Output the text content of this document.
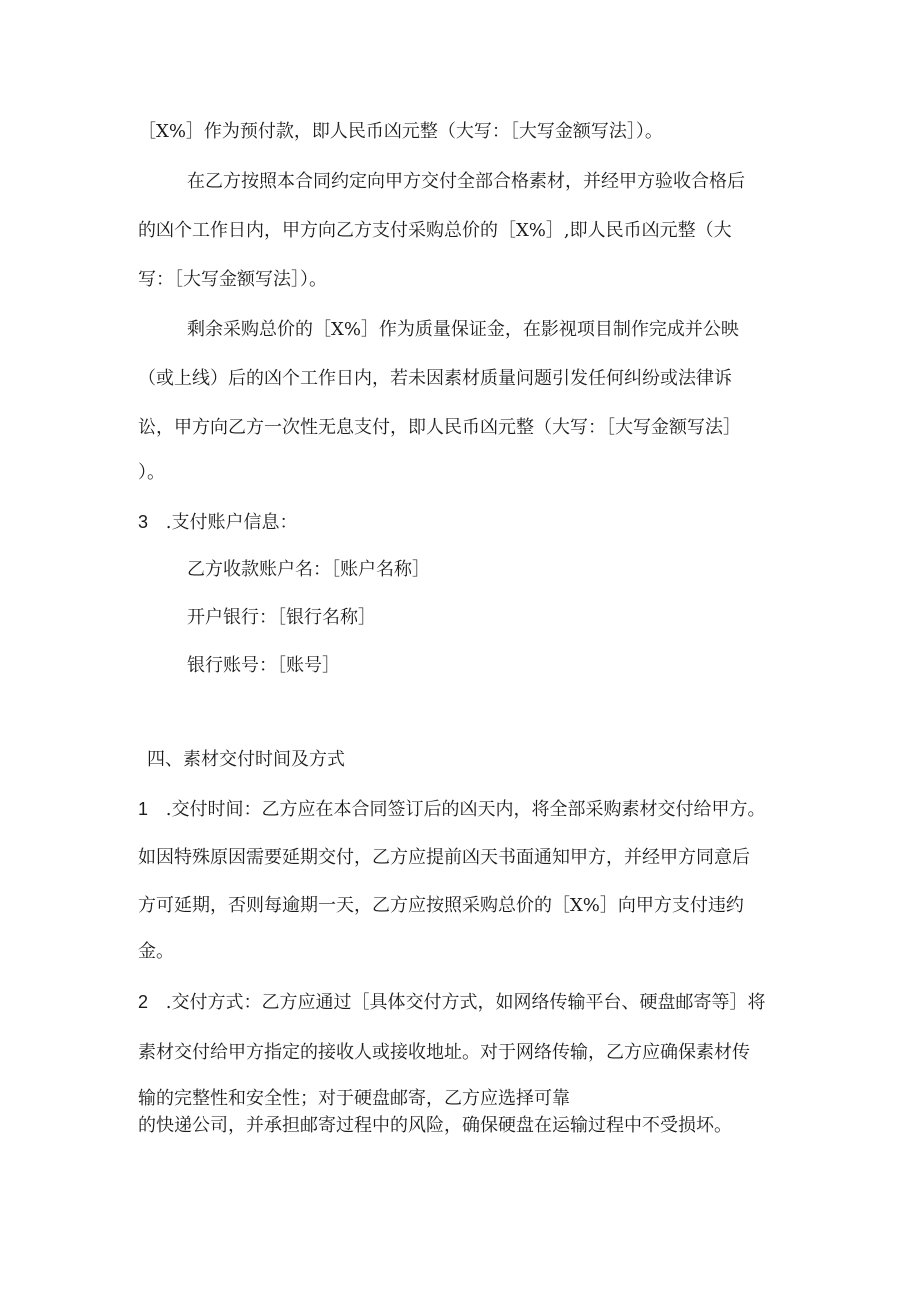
［X%］作为预付款，即人民币凶元整（大写：［大写金额写法］）。
在乙方按照本合同约定向甲方交付全部合格素材，并经甲方验收合格后
的凶个工作日内，甲方向乙方支付采购总价的［X%］,即人民币凶元整（大
写：［大写金额写法］）。
剩余采购总价的［X%］作为质量保证金，在影视项目制作完成并公映
（或上线）后的凶个工作日内，若未因素材质量问题引发任何纠纷或法律诉
讼，甲方向乙方一次性无息支付，即人民币凶元整（大写：［大写金额写法］
）。
3 .支付账户信息：
乙方收款账户名：［账户名称］
开户银行：［银行名称］
银行账号：［账号］
四、素材交付时间及方式
1 .交付时间：乙方应在本合同签订后的凶天内，将全部采购素材交付给甲方。
如因特殊原因需要延期交付，乙方应提前凶天书面通知甲方，并经甲方同意后
方可延期，否则每逾期一天，乙方应按照采购总价的［X%］向甲方支付违约
金。
2 .交付方式：乙方应通过［具体交付方式，如网络传输平台、硬盘邮寄等］将
素材交付给甲方指定的接收人或接收地址。对于网络传输，乙方应确保素材传
输的完整性和安全性；对于硬盘邮寄，乙方应选择可靠
的快递公司，并承担邮寄过程中的风险，确保硬盘在运输过程中不受损坏。
